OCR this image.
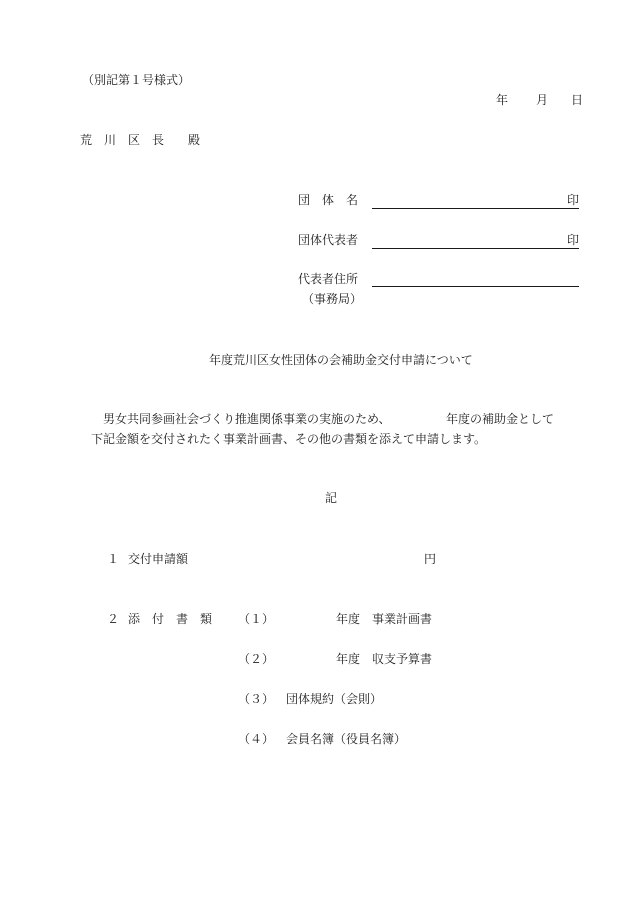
（別記第１号様式）
年 月 日
荒　川　区　長　　殿
団　体　名	印
団体代表者	印
代表者住所
（事務局）
年度荒川区女性団体の会補助金交付申請について
男女共同参画社会づくり推進関係事業の実施のため、	年度の補助金として
下記金額を交付されたく事業計画書、その他の書類を添えて申請します。
記
１ 交付申請額	円
２ 添　付　書　類 （１）	年度 事業計画書
（２）	年度 収支予算書
（３） 団体規約（会則）
（４） 会員名簿（役員名簿）
